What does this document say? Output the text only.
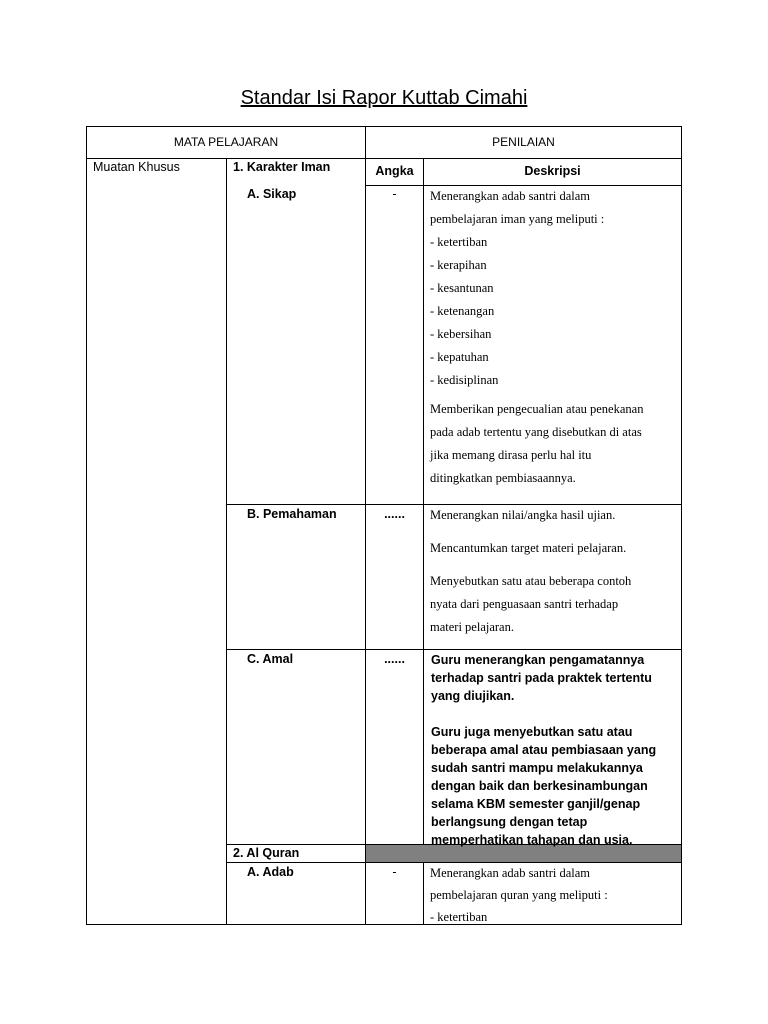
Standar Isi Rapor Kuttab Cimahi
MATA PELAJARAN	PENILAIAN
Muatan Khusus	1. Karakter Iman	Angka	Deskripsi
A. Sikap	-	Menerangkan adab santri dalam

pembelajaran iman yang meliputi :

- ketertiban

- kerapihan

- kesantunan

- ketenangan

- kebersihan

- kepatuhan

- kedisiplinan

Memberikan pengecualian atau penekanan

pada adab tertentu yang disebutkan di atas

jika memang dirasa perlu hal itu

ditingkatkan pembiasaannya.

B. Pemahaman	......	Menerangkan nilai/angka hasil ujian.

Mencantumkan target materi pelajaran.

Menyebutkan satu atau beberapa contoh

nyata dari penguasaan santri terhadap

materi pelajaran.

C. Amal	......	Guru menerangkan pengamatannya

terhadap santri pada praktek tertentu

yang diujikan.

Guru juga menyebutkan satu atau

beberapa amal atau pembiasaan yang

sudah santri mampu melakukannya

dengan baik dan berkesinambungan

selama KBM semester ganjil/genap

berlangsung dengan tetap

memperhatikan tahapan dan usia.

2. Al Quran
A. Adab	-	Menerangkan adab santri dalam

pembelajaran quran yang meliputi :

- ketertiban
